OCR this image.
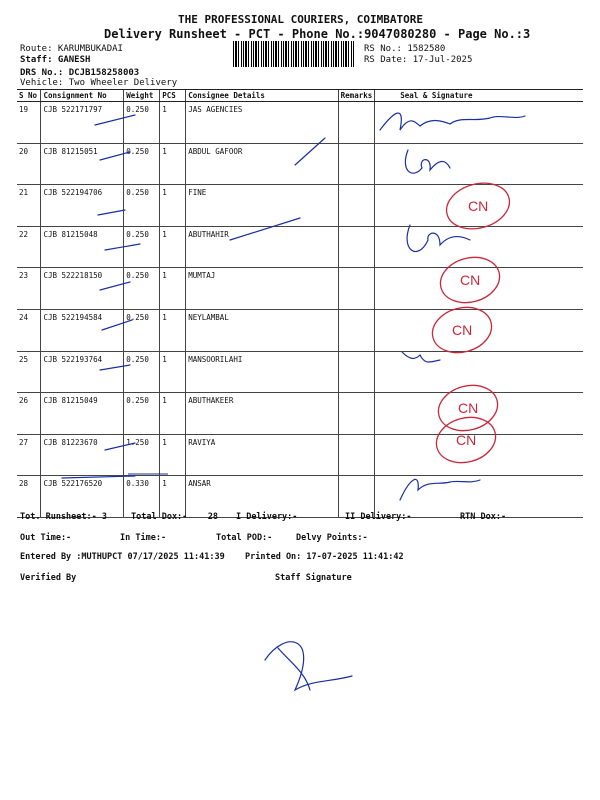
THE PROFESSIONAL COURIERS, COIMBATORE
Delivery Runsheet - PCT - Phone No.:9047080280 - Page No.:3
Route: KARUMBUKADAI
Staff: GANESH
DRS No.: DCJB158258003
Vehicle: Two Wheeler Delivery
RS No.: 1582580
RS Date: 17-Jul-2025
S No	Consignment No	Weight	PCS	Consignee Details	Remarks	Seal & Signature
19	CJB 522171797	0.250	1	JAS AGENCIES		
20	CJB 81215051	0.250	1	ABDUL GAFOOR		
21	CJB 522194706	0.250	1	FINE		
22	CJB 81215048	0.250	1	ABUTHAHIR		
23	CJB 522218150	0.250	1	MUMTAJ		
24	CJB 522194584	0.250	1	NEYLAMBAL		
25	CJB 522193764	0.250	1	MANSOORILAHI		
26	CJB 81215049	0.250	1	ABUTHAKEER		
27	CJB 81223670	1.250	1	RAVIYA		
28	CJB 522176520	0.330	1	ANSAR		
Tot. Runsheet:- 3	Total Dox:-    28 I Delivery:-	II Delivery:-	RTN Dox:-
Out Time:-	In Time:-	Total POD:-	Delvy Points:-
Entered By :MUTHUPCT 07/17/2025 11:41:39 Printed On: 17-07-2025 11:41:42
Verified By	Staff Signature
CN
CN
CN
CN
CN
